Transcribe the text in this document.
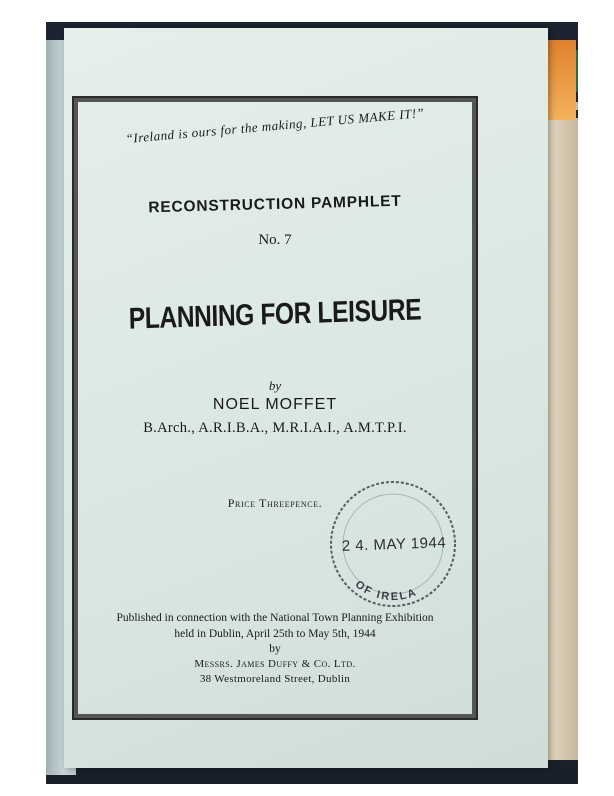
“Ireland is ours for the making, LET US MAKE IT!”

RECONSTRUCTION PAMPHLET

No. 7

PLANNING FOR LEISURE

by

NOEL MOFFET

B.Arch., A.R.I.B.A., M.R.I.A.I., A.M.T.P.I.

Price Threepence.

OF IRELA
2 4. MAY 1944

Published in connection with the National Town Planning Exhibition

held in Dublin, April 25th to May 5th, 1944

by

Messrs. James Duffy & Co. Ltd.

38 Westmoreland Street, Dublin
